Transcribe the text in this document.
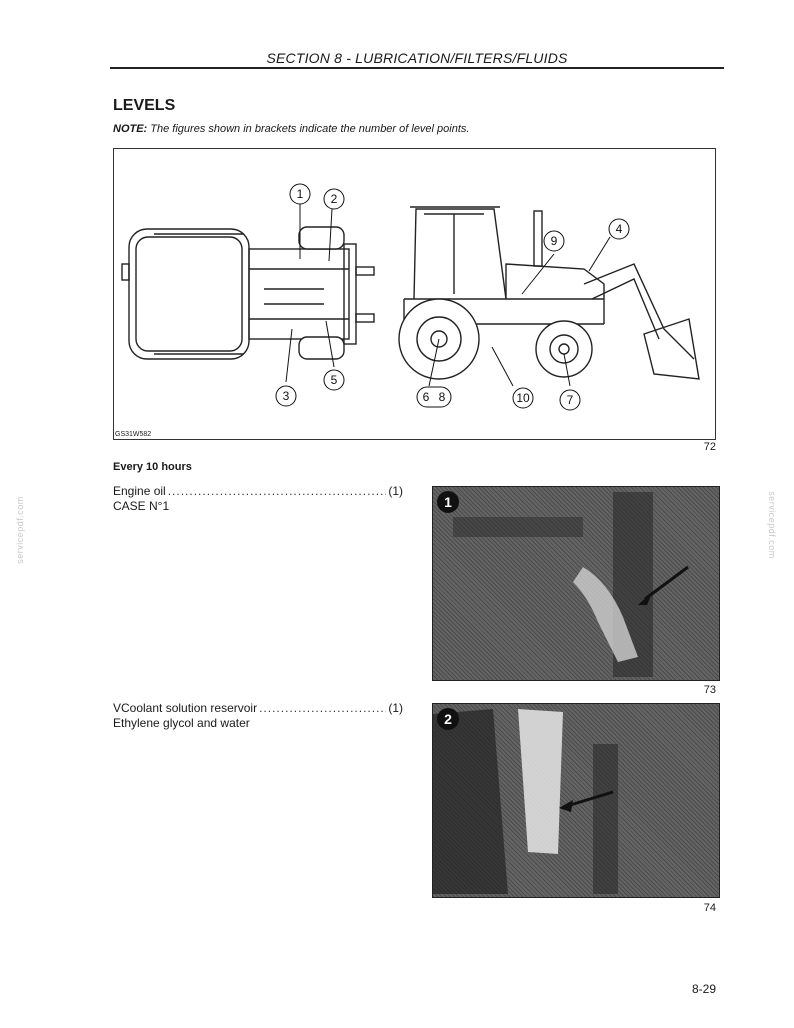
SECTION 8 - LUBRICATION/FILTERS/FLUIDS
LEVELS
NOTE: The figures shown in brackets indicate the number of level points.
1 2
3
5
9
4
6 8	10	7
GS31W582
72
Every 10 hours
Engine oil .....	(1)
CASE N°1
VCoolant solution reservoir .....	(1)
Ethylene glycol and water
1
73
2
74
servicepdf.com	servicepdf.com
8-29
